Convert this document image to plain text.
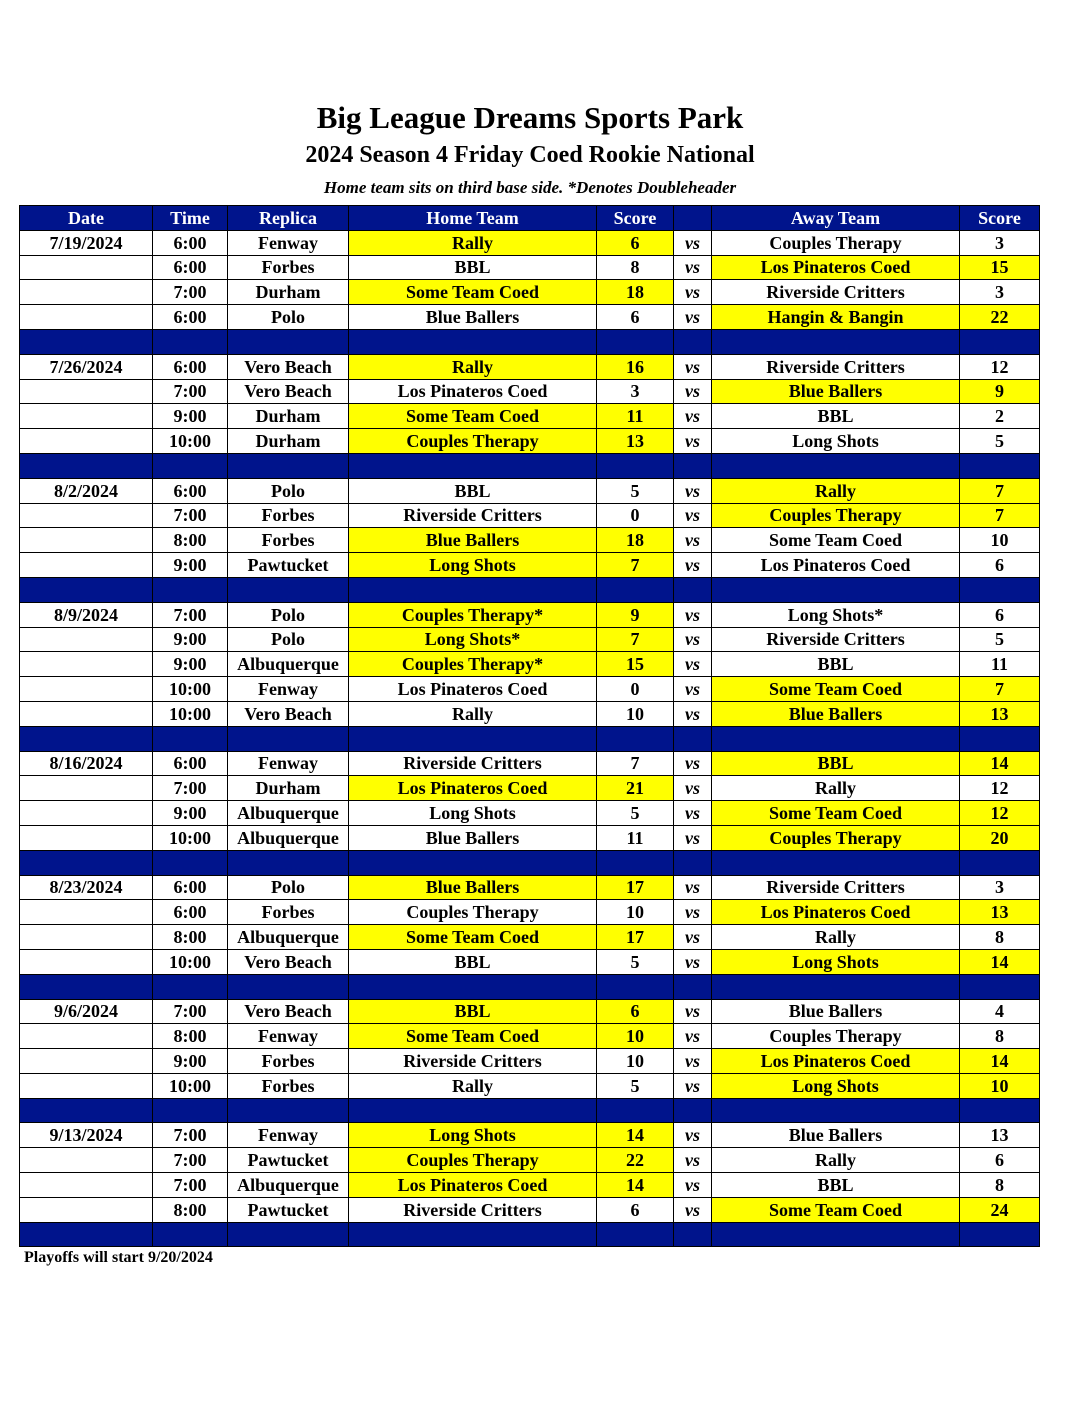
Big League Dreams Sports Park
2024 Season 4 Friday Coed Rookie National
Home team sits on third base side. *Denotes Doubleheader
Date	Time	Replica	Home Team	Score		Away Team	Score
7/19/2024	6:00	Fenway	Rally	6	vs	Couples Therapy	3
	6:00	Forbes	BBL	8	vs	Los Pinateros Coed	15
	7:00	Durham	Some Team Coed	18	vs	Riverside Critters	3
	6:00	Polo	Blue Ballers	6	vs	Hangin & Bangin	22

7/26/2024	6:00	Vero Beach	Rally	16	vs	Riverside Critters	12
	7:00	Vero Beach	Los Pinateros Coed	3	vs	Blue Ballers	9
	9:00	Durham	Some Team Coed	11	vs	BBL	2
	10:00	Durham	Couples Therapy	13	vs	Long Shots	5

8/2/2024	6:00	Polo	BBL	5	vs	Rally	7
	7:00	Forbes	Riverside Critters	0	vs	Couples Therapy	7
	8:00	Forbes	Blue Ballers	18	vs	Some Team Coed	10
	9:00	Pawtucket	Long Shots	7	vs	Los Pinateros Coed	6

8/9/2024	7:00	Polo	Couples Therapy*	9	vs	Long Shots*	6
	9:00	Polo	Long Shots*	7	vs	Riverside Critters	5
	9:00	Albuquerque	Couples Therapy*	15	vs	BBL	11
	10:00	Fenway	Los Pinateros Coed	0	vs	Some Team Coed	7
	10:00	Vero Beach	Rally	10	vs	Blue Ballers	13

8/16/2024	6:00	Fenway	Riverside Critters	7	vs	BBL	14
	7:00	Durham	Los Pinateros Coed	21	vs	Rally	12
	9:00	Albuquerque	Long Shots	5	vs	Some Team Coed	12
	10:00	Albuquerque	Blue Ballers	11	vs	Couples Therapy	20

8/23/2024	6:00	Polo	Blue Ballers	17	vs	Riverside Critters	3
	6:00	Forbes	Couples Therapy	10	vs	Los Pinateros Coed	13
	8:00	Albuquerque	Some Team Coed	17	vs	Rally	8
	10:00	Vero Beach	BBL	5	vs	Long Shots	14

9/6/2024	7:00	Vero Beach	BBL	6	vs	Blue Ballers	4
	8:00	Fenway	Some Team Coed	10	vs	Couples Therapy	8
	9:00	Forbes	Riverside Critters	10	vs	Los Pinateros Coed	14
	10:00	Forbes	Rally	5	vs	Long Shots	10

9/13/2024	7:00	Fenway	Long Shots	14	vs	Blue Ballers	13
	7:00	Pawtucket	Couples Therapy	22	vs	Rally	6
	7:00	Albuquerque	Los Pinateros Coed	14	vs	BBL	8
	8:00	Pawtucket	Riverside Critters	6	vs	Some Team Coed	24

Playoffs will start 9/20/2024
